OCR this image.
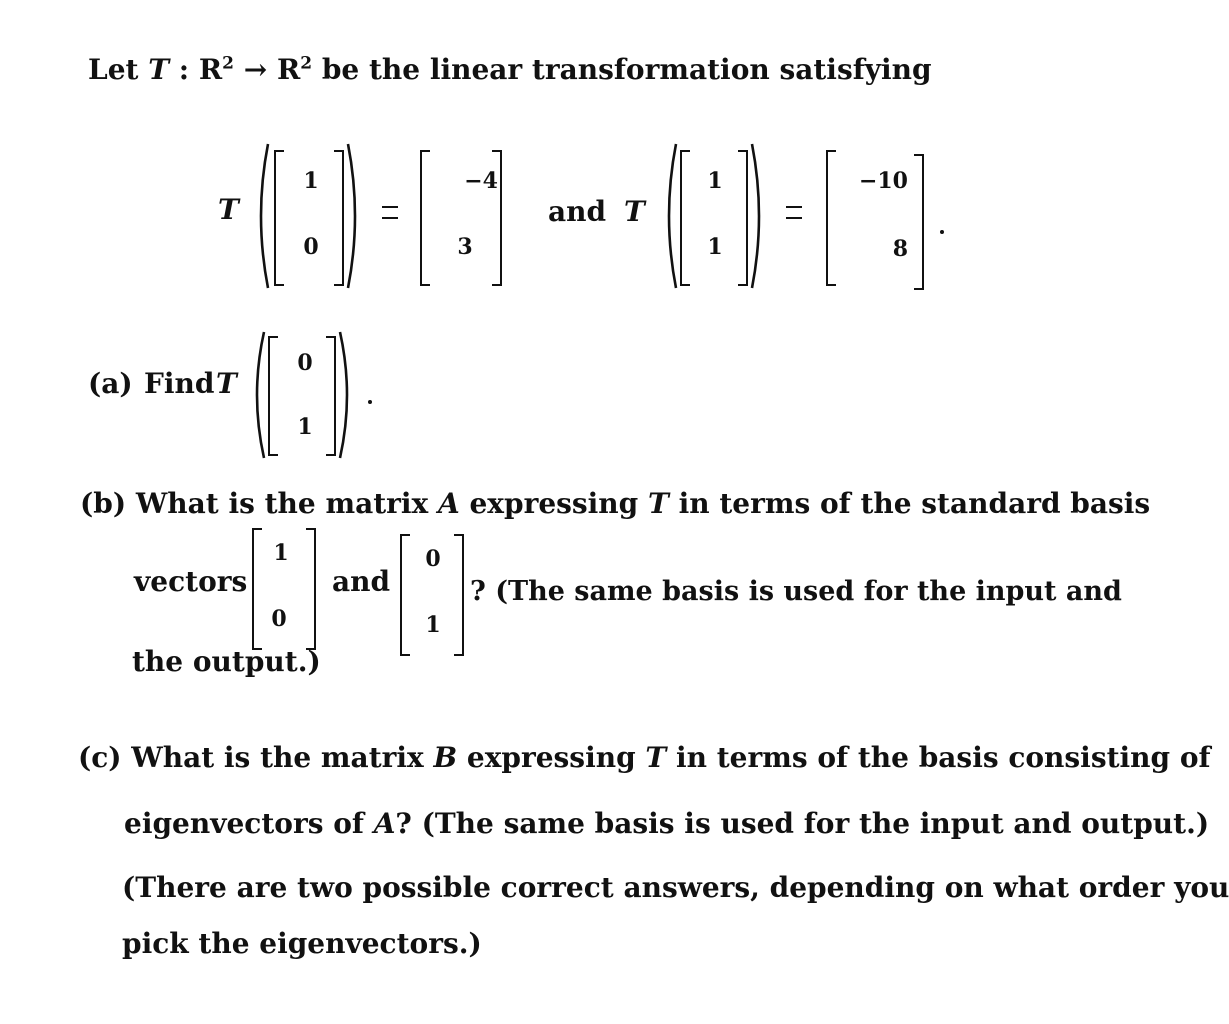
Let T : $R^2 \to R^2$ be the linear transformation satisfying
T
1
0
−4
3
and T
1
1
−10
8
(a) Find T
0
1
(b) What is the matrix A expressing T in terms of the standard basis
vectors
1
0
and
0
1
? (The same basis is used for the input and
the output.)
(c) What is the matrix B expressing T in terms of the basis consisting of
eigenvectors of A? (The same basis is used for the input and output.)
(There are two possible correct answers, depending on what order you
pick the eigenvectors.)
